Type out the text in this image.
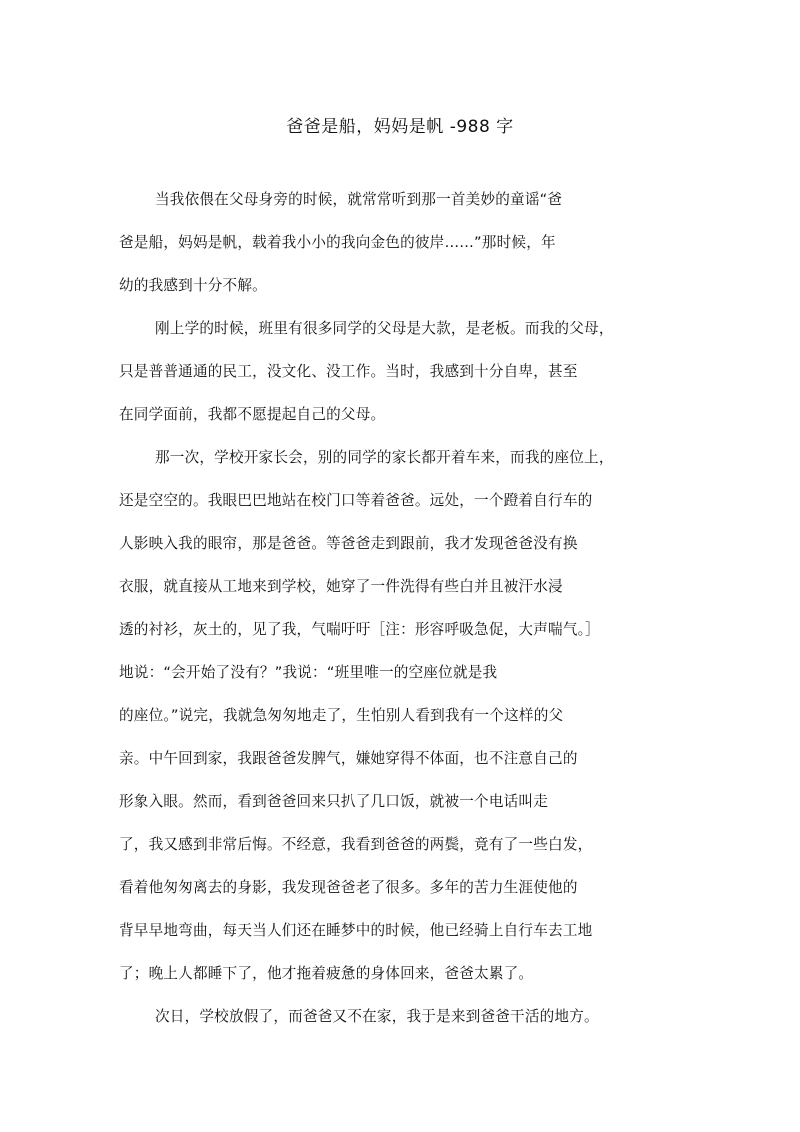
爸爸是船，妈妈是帆 -988 字
当我依偎在父母身旁的时候，就常常听到那一首美妙的童谣“爸
爸是船，妈妈是帆，载着我小小的我向金色的彼岸……”那时候，年
幼的我感到十分不解。
刚上学的时候，班里有很多同学的父母是大款，是老板。而我的父母，
只是普普通通的民工，没文化、没工作。当时，我感到十分自卑，甚至
在同学面前，我都不愿提起自己的父母。
那一次，学校开家长会，别的同学的家长都开着车来，而我的座位上，
还是空空的。我眼巴巴地站在校门口等着爸爸。远处，一个蹬着自行车的
人影映入我的眼帘，那是爸爸。等爸爸走到跟前，我才发现爸爸没有换
衣服，就直接从工地来到学校，她穿了一件洗得有些白并且被汗水浸
透的衬衫，灰土的，见了我，气喘吁吁［注：形容呼吸急促，大声喘气。］
地说：“会开始了没有？”我说：“班里唯一的空座位就是我
的座位。”说完，我就急匆匆地走了，生怕别人看到我有一个这样的父
亲。中午回到家，我跟爸爸发脾气，嫌她穿得不体面，也不注意自己的
形象入眼。然而，看到爸爸回来只扒了几口饭，就被一个电话叫走
了，我又感到非常后悔。不经意，我看到爸爸的两鬓，竟有了一些白发，
看着他匆匆离去的身影，我发现爸爸老了很多。多年的苦力生涯使他的
背早早地弯曲，每天当人们还在睡梦中的时候，他已经骑上自行车去工地
了；晚上人都睡下了，他才拖着疲惫的身体回来，爸爸太累了。
次日，学校放假了，而爸爸又不在家，我于是来到爸爸干活的地方。
